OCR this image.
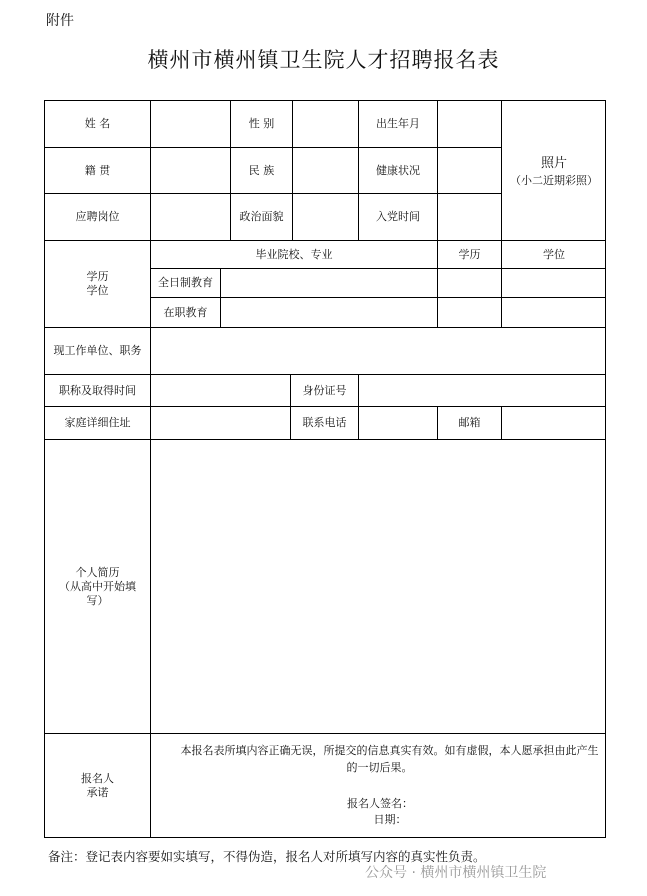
附件
横州市横州镇卫生院人才招聘报名表
姓 名	性 别	出生年月
照片
（小二近期彩照）
籍 贯	民 族	健康状况
应聘岗位	政治面貌	入党时间
学历
学位
毕业院校、专业	学历	学位
全日制教育
在职教育
现工作单位、职务
职称及取得时间	身份证号
家庭详细住址	联系电话	邮箱
个人简历
（从高中开始填写）
报名人
承诺

本报名表所填内容正确无误，所提交的信息真实有效。如有虚假，本人愿承担由此产生的一切后果。

报名人签名：
日期：
备注：登记表内容要如实填写，不得伪造，报名人对所填写内容的真实性负责。
公众号 · 横州市横州镇卫生院
